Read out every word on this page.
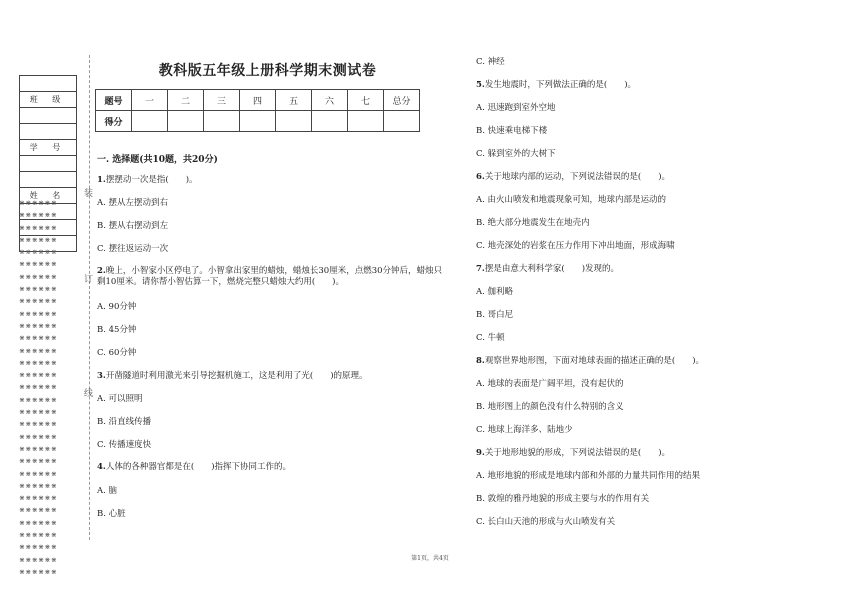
班 级

学 号

姓 名

⋇⋇⋇⋇⋇⋇
⋇⋇⋇⋇⋇⋇
⋇⋇⋇⋇⋇⋇
⋇⋇⋇⋇⋇⋇
⋇⋇⋇⋇⋇⋇
⋇⋇⋇⋇⋇⋇
⋇⋇⋇⋇⋇⋇
⋇⋇⋇⋇⋇⋇
⋇⋇⋇⋇⋇⋇
⋇⋇⋇⋇⋇⋇
⋇⋇⋇⋇⋇⋇
⋇⋇⋇⋇⋇⋇
⋇⋇⋇⋇⋇⋇
⋇⋇⋇⋇⋇⋇
⋇⋇⋇⋇⋇⋇
⋇⋇⋇⋇⋇⋇
⋇⋇⋇⋇⋇⋇
⋇⋇⋇⋇⋇⋇
⋇⋇⋇⋇⋇⋇
⋇⋇⋇⋇⋇⋇
⋇⋇⋇⋇⋇⋇
⋇⋇⋇⋇⋇⋇
⋇⋇⋇⋇⋇⋇
⋇⋇⋇⋇⋇⋇
⋇⋇⋇⋇⋇⋇
⋇⋇⋇⋇⋇⋇
⋇⋇⋇⋇⋇⋇
⋇⋇⋇⋇⋇⋇
⋇⋇⋇⋇⋇⋇
⋇⋇⋇⋇⋇⋇
⋇⋇⋇⋇⋇⋇
装
订
线
教科版五年级上册科学期末测试卷
题号	一	二	三	四	五	六	七	总分
得分								
一. 选择题(共10题，共20分)
1.摆摆动一次是指(　　)。
A. 摆从左摆动到右
B. 摆从右摆动到左
C. 摆往返运动一次
2.晚上，小智家小区停电了。小智拿出家里的蜡烛，蜡烛长30厘米，点燃30分钟后，蜡烛只剩10厘米。请你帮小智估算一下，燃烧完整只蜡烛大约用(　　)。
A. 90分钟
B. 45分钟
C. 60分钟
3.开凿隧道时利用激光来引导挖掘机施工，这是利用了光(　　)的原理。
A. 可以照明
B. 沿直线传播
C. 传播速度快
4.人体的各种器官都是在(　　)指挥下协同工作的。
A. 脑
B. 心脏
C. 神经
5.发生地震时，下列做法正确的是(　　)。
A. 迅速跑到室外空地
B. 快速乘电梯下楼
C. 躲到室外的大树下
6.关于地球内部的运动，下列说法错误的是(　　)。
A. 由火山喷发和地震现象可知，地球内部是运动的
B. 绝大部分地震发生在地壳内
C. 地壳深处的岩浆在压力作用下冲出地面，形成海啸
7.摆是由意大利科学家(　　)发现的。
A. 伽利略
B. 哥白尼
C. 牛顿
8.观察世界地形图，下面对地球表面的描述正确的是(　　)。
A. 地球的表面是广阔平坦，没有起伏的
B. 地形图上的颜色没有什么特别的含义
C. 地球上海洋多、陆地少
9.关于地形地貌的形成，下列说法错误的是(　　)。
A. 地形地貌的形成是地球内部和外部的力量共同作用的结果
B. 敦煌的雅丹地貌的形成主要与水的作用有关
C. 长白山天池的形成与火山喷发有关
第1页，共4页
